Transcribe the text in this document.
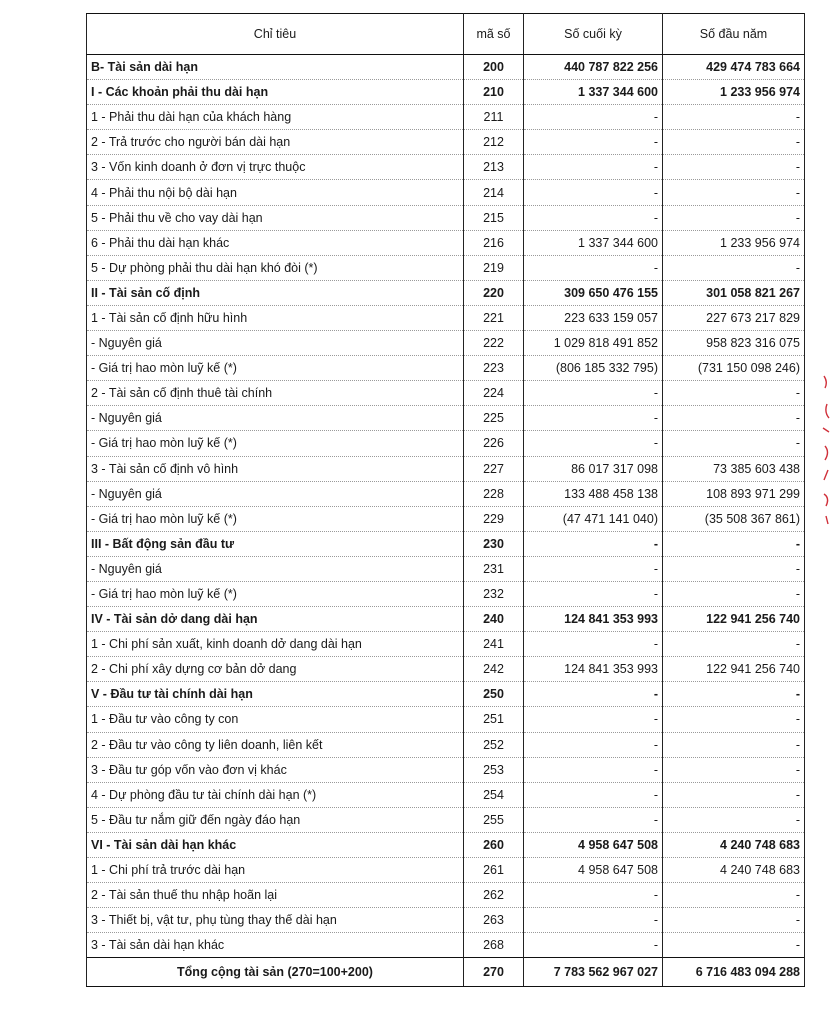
Chỉ tiêu	mã số	Số cuối kỳ	Số đầu năm
B- Tài sản dài hạn	200	440 787 822 256	429 474 783 664
I - Các khoản phải thu dài hạn	210	1 337 344 600	1 233 956 974
1 - Phải thu dài hạn của khách hàng	211	-	-
2 - Trả trước cho người bán dài hạn	212	-	-
3 - Vốn kinh doanh ở đơn vị trực thuộc	213	-	-
4 - Phải thu nội bộ dài hạn	214	-	-
5 - Phải thu về cho vay dài hạn	215	-	-
6 - Phải thu dài hạn khác	216	1 337 344 600	1 233 956 974
5 - Dự phòng phải thu dài hạn khó đòi (*)	219	-	-
II - Tài sản cố định	220	309 650 476 155	301 058 821 267
1 - Tài sản cố định hữu hình	221	223 633 159 057	227 673 217 829
- Nguyên giá	222	1 029 818 491 852	958 823 316 075
- Giá trị hao mòn luỹ kế (*)	223	(806 185 332 795)	(731 150 098 246)
2 - Tài sản cố định thuê tài chính	224	-	-
- Nguyên giá	225	-	-
- Giá trị hao mòn luỹ kế (*)	226	-	-
3 - Tài sản cố định vô hình	227	86 017 317 098	73 385 603 438
- Nguyên giá	228	133 488 458 138	108 893 971 299
- Giá trị hao mòn luỹ kế (*)	229	(47 471 141 040)	(35 508 367 861)
III - Bất động sản đầu tư	230	-	-
- Nguyên giá	231	-	-
- Giá trị hao mòn luỹ kế (*)	232	-	-
IV - Tài sản dở dang dài hạn	240	124 841 353 993	122 941 256 740
1 - Chi phí sản xuất, kinh doanh dở dang dài hạn	241	-	-
2 - Chi phí xây dựng cơ bản dở dang	242	124 841 353 993	122 941 256 740
V - Đầu tư tài chính dài hạn	250	-	-
1 - Đầu tư vào công ty con	251	-	-
2 - Đầu tư vào công ty liên doanh, liên kết	252	-	-
3 - Đầu tư góp vốn vào đơn vị khác	253	-	-
4 - Dự phòng đầu tư tài chính dài hạn (*)	254	-	-
5 - Đầu tư nắm giữ đến ngày đáo hạn	255	-	-
VI - Tài sản dài hạn khác	260	4 958 647 508	4 240 748 683
1 - Chi phí trả trước dài hạn	261	4 958 647 508	4 240 748 683
2 - Tài sản thuế thu nhập hoãn lại	262	-	-
3 - Thiết bị, vật tư, phụ tùng thay thế dài hạn	263	-	-
3 - Tài sản dài hạn khác	268	-	-
Tổng cộng tài sản (270=100+200)	270	7 783 562 967 027	6 716 483 094 288
